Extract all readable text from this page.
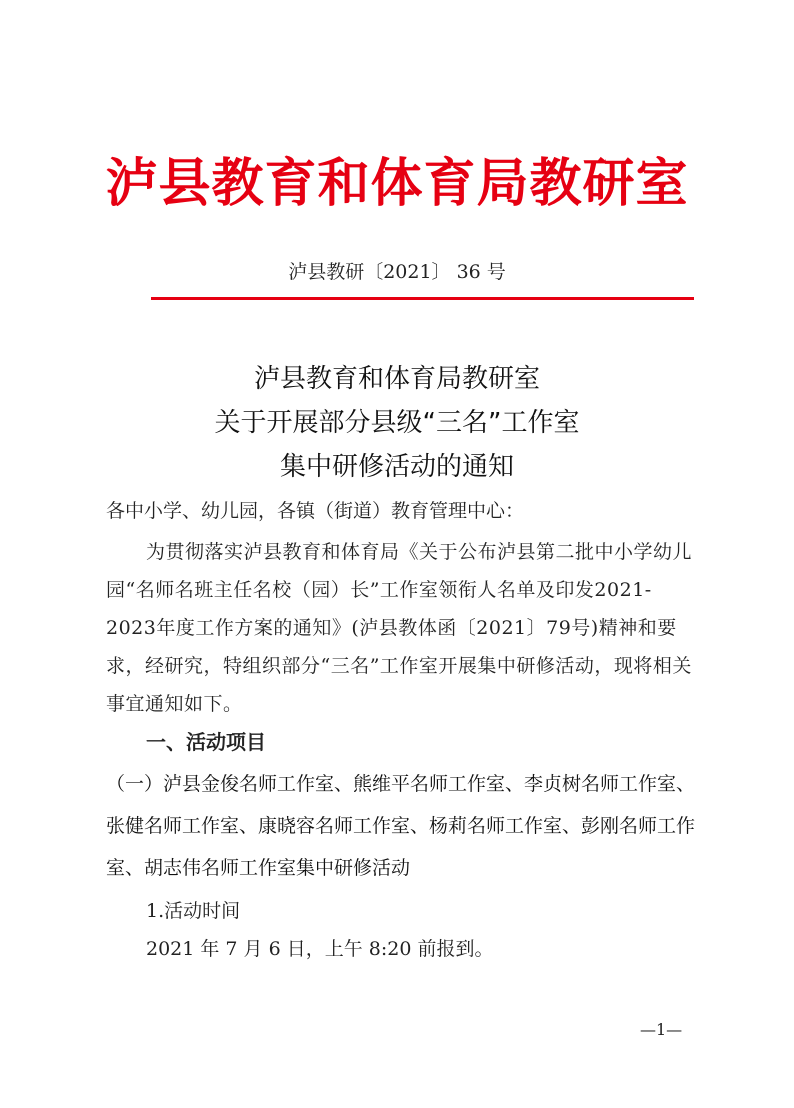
泸县教育和体育局教研室
泸县教研〔2021〕 36 号
泸县教育和体育局教研室
关于开展部分县级“三名”工作室
集中研修活动的通知
各中小学、幼儿园，各镇（街道）教育管理中心：
为贯彻落实泸县教育和体育局《关于公布泸县第二批中小学幼儿园“名师名班主任名校（园）长”工作室领衔人名单及印发2021-2023年度工作方案的通知》(泸县教体函〔2021〕79号)精神和要求，经研究，特组织部分“三名”工作室开展集中研修活动，现将相关事宜通知如下。
一、活动项目
（一）泸县金俊名师工作室、熊维平名师工作室、李贞树名师工作室、张健名师工作室、康晓容名师工作室、杨莉名师工作室、彭刚名师工作室、胡志伟名师工作室集中研修活动
1.活动时间
2021 年 7 月 6 日，上午 8:20 前报到。
—1—
